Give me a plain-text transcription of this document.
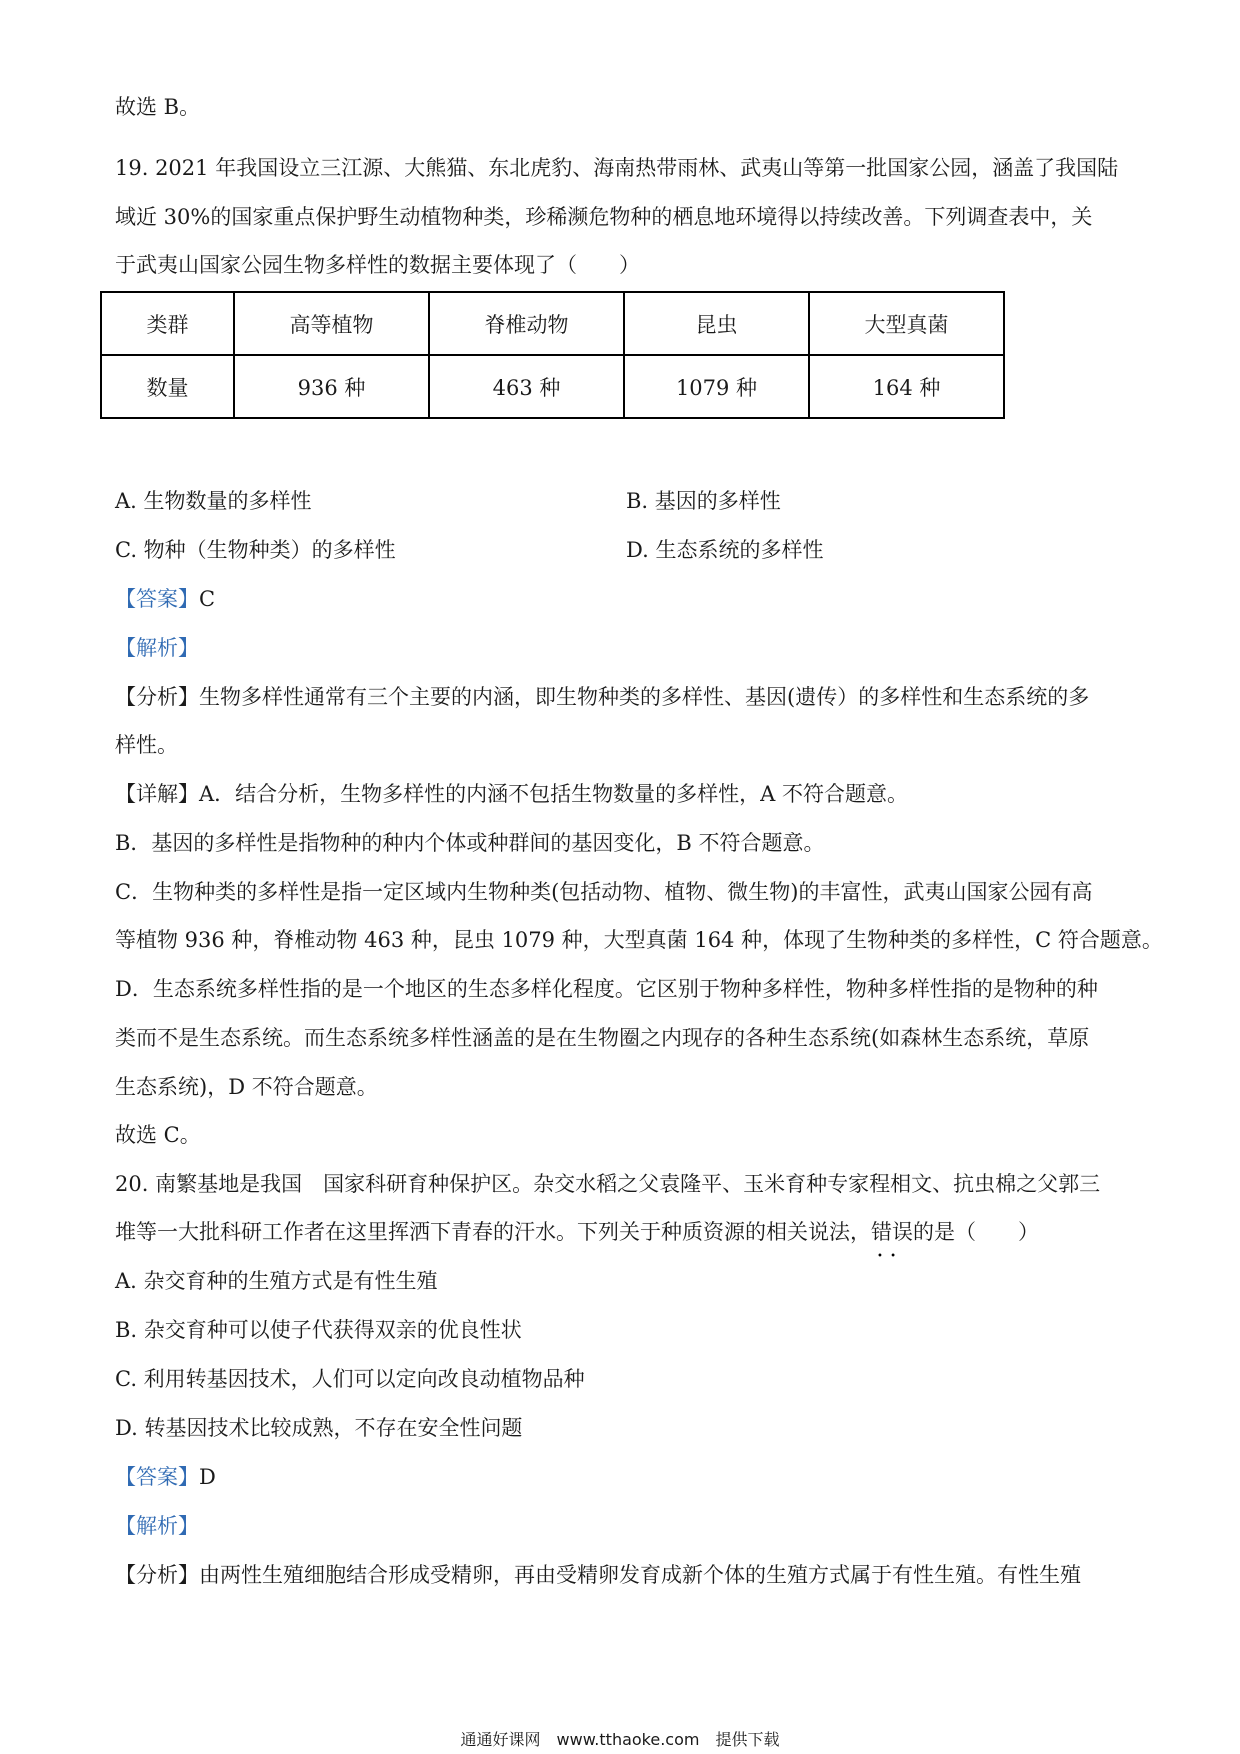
故选 B。
19. 2021 年我国设立三江源、大熊猫、东北虎豹、海南热带雨林、武夷山等第一批国家公园，涵盖了我国陆
域近 30%的国家重点保护野生动植物种类，珍稀濒危物种的栖息地环境得以持续改善。下列调查表中，关
于武夷山国家公园生物多样性的数据主要体现了（　　）
类群	高等植物	脊椎动物	昆虫	大型真菌
数量	936 种	463 种	1079 种	164 种
A. 生物数量的多样性	B. 基因的多样性
C. 物种（生物种类）的多样性	D. 生态系统的多样性
【答案】C
【解析】
【分析】生物多样性通常有三个主要的内涵，即生物种类的多样性、基因(遗传）的多样性和生态系统的多
样性。
【详解】A．结合分析，生物多样性的内涵不包括生物数量的多样性，A 不符合题意。
B．基因的多样性是指物种的种内个体或种群间的基因变化，B 不符合题意。
C．生物种类的多样性是指一定区域内生物种类(包括动物、植物、微生物)的丰富性，武夷山国家公园有高
等植物 936 种，脊椎动物 463 种，昆虫 1079 种，大型真菌 164 种，体现了生物种类的多样性，C 符合题意。
D．生态系统多样性指的是一个地区的生态多样化程度。它区别于物种多样性，物种多样性指的是物种的种
类而不是生态系统。而生态系统多样性涵盖的是在生物圈之内现存的各种生态系统(如森林生态系统，草原
生态系统)，D 不符合题意。
故选 C。
20. 南繁基地是我国　国家科研育种保护区。杂交水稻之父袁隆平、玉米育种专家程相文、抗虫棉之父郭三
堆等一大批科研工作者在这里挥洒下青春的汗水。下列关于种质资源的相关说法，错误 • •的是（　　）
A. 杂交育种的生殖方式是有性生殖
B. 杂交育种可以使子代获得双亲的优良性状
C. 利用转基因技术，人们可以定向改良动植物品种
D. 转基因技术比较成熟，不存在安全性问题
【答案】D
【解析】
【分析】由两性生殖细胞结合形成受精卵，再由受精卵发育成新个体的生殖方式属于有性生殖。有性生殖
通通好课网　www.tthaoke.com　提供下载
